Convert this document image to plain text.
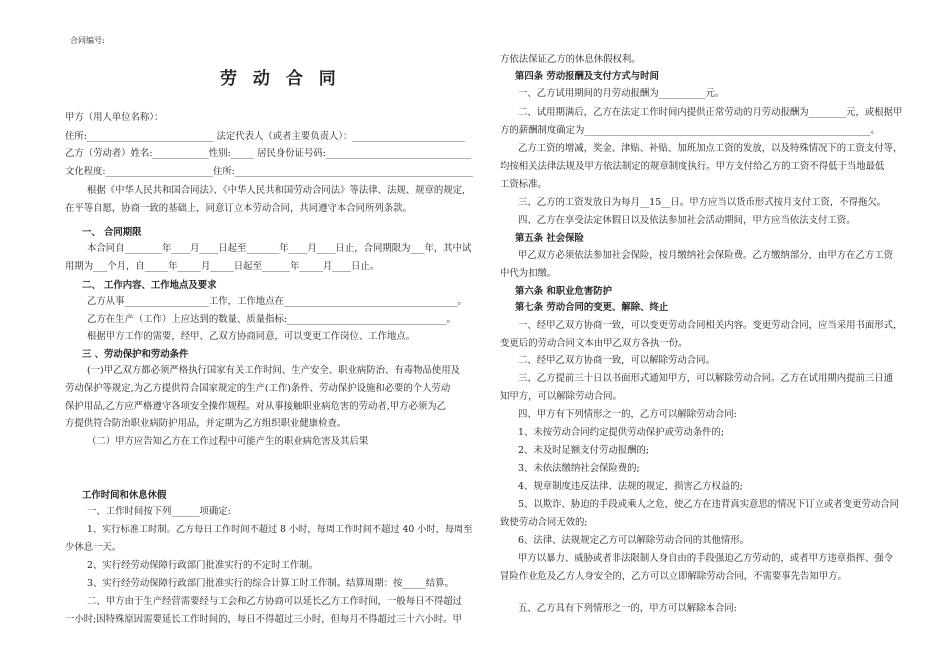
合同编号:
劳 动 合 同
甲方（用人单位名称）：
住所:___________________________ 法定代表人（或者主要负责人）：________________________
乙方（劳动者）姓名:____________性别:_____ 居民身份证号码:_______________________________
文化程度:_______________________住所:___________________________________________________
根据《中华人民共和国合同法》、《中华人民共和国劳动合同法》等法律、法规、规章的规定,
在平等自愿，协商一致的基础上，同意订立本劳动合同，共同遵守本合同所列条款。
一、 合同期限
本合同自________年____月____日起至_______年____月____日止，合同期限为___年，其中试
用期为___个月，自_____年_____月_____日起至______年_____月____日止。
二、 工作内容、工作地点及要求
乙方从事__________________工作，工作地点在_____________________________________。
乙方在生产（工作）上应达到的数量、质量指标:__________________________________。
根据甲方工作的需要，经甲、乙双方协商同意，可以变更工作岗位、工作地点。
三 、劳动保护和劳动条件
(一)甲乙双方都必须严格执行国家有关工作时间、生产安全、职业病防治、有毒物品使用及
劳动保护等规定,为乙方提供符合国家规定的生产(工作)条件、劳动保护设施和必要的个人劳动
保护用品,乙方应严格遵守各项安全操作规程。对从事接触职业病危害的劳动者,甲方必须为乙
方提供符合防治职业病防护用品，并定期为乙方组织职业健康检查。
（二）甲方应告知乙方在工作过程中可能产生的职业病危害及其后果
工作时间和休息休假
一、工作时间按下列______项确定:
1、实行标准工时制。乙方每日工作时间不超过 8 小时，每周工作时间不超过 40 小时，每周至
少休息一天。
2、实行经劳动保障行政部门批准实行的不定时工作制。
3、实行经劳动保障行政部门批准实行的综合计算工时工作制。结算周期：按_____结算。
二、甲方由于生产经营需要经与工会和乙方协商可以延长乙方工作时间，一般每日不得超过
一小时;因特殊原因需要延长工作时间的，每日不得超过三小时，但每月不得超过三十六小时。甲
方依法保证乙方的休息休假权利。
第四条 劳动报酬及支付方式与时间
一、乙方试用期间的月劳动报酬为__________元。
二、试用期满后，乙方在法定工作时间内提供正常劳动的月劳动报酬为________元，或根据甲
方的薪酬制度确定为_____________________________________________________________。
乙方工资的增减，奖金、津贴、补贴、加班加点工资的发放，以及特殊情况下的工资支付等，
均按相关法律法规及甲方依法制定的规章制度执行。甲方支付给乙方的工资不得低于当地最低
工资标准。
三、乙方的工资发放日为每月__15__日。甲方应当以货币形式按月支付工资，不得拖欠。
四、乙方在享受法定休假日以及依法参加社会活动期间，甲方应当依法支付工资。
第五条 社会保险
甲乙双方必须依法参加社会保险，按月缴纳社会保险费。乙方缴纳部分，由甲方在乙方工资
中代为扣缴。
第六条 和职业危害防护
第七条 劳动合同的变更、解除、终止
一、经甲乙双方协商一致，可以变更劳动合同相关内容。变更劳动合同，应当采用书面形式，
变更后的劳动合同文本由甲乙双方各执一份。
二、经甲乙双方协商一致，可以解除劳动合同。
三、乙方提前三十日以书面形式通知甲方，可以解除劳动合同。乙方在试用期内提前三日通
知甲方，可以解除劳动合同。
四、甲方有下列情形之一的，乙方可以解除劳动合同:
1、未按劳动合同约定提供劳动保护或劳动条件的;
2、未及时足额支付劳动报酬的;
3、未依法缴纳社会保险费的;
4、规章制度违反法律、法规的规定，损害乙方权益的;
5、以欺诈、胁迫的手段或乘人之危，使乙方在违背真实意思的情况下订立或者变更劳动合同
致使劳动合同无效的;
6、法律、法规规定乙方可以解除劳动合同的其他情形。
甲方以暴力、威胁或者非法限制人身自由的手段强迫乙方劳动的，或者甲方违章指挥、强令
冒险作业危及乙方人身安全的，乙方可以立即解除劳动合同，不需要事先告知甲方。
五、乙方具有下列情形之一的，甲方可以解除本合同:
